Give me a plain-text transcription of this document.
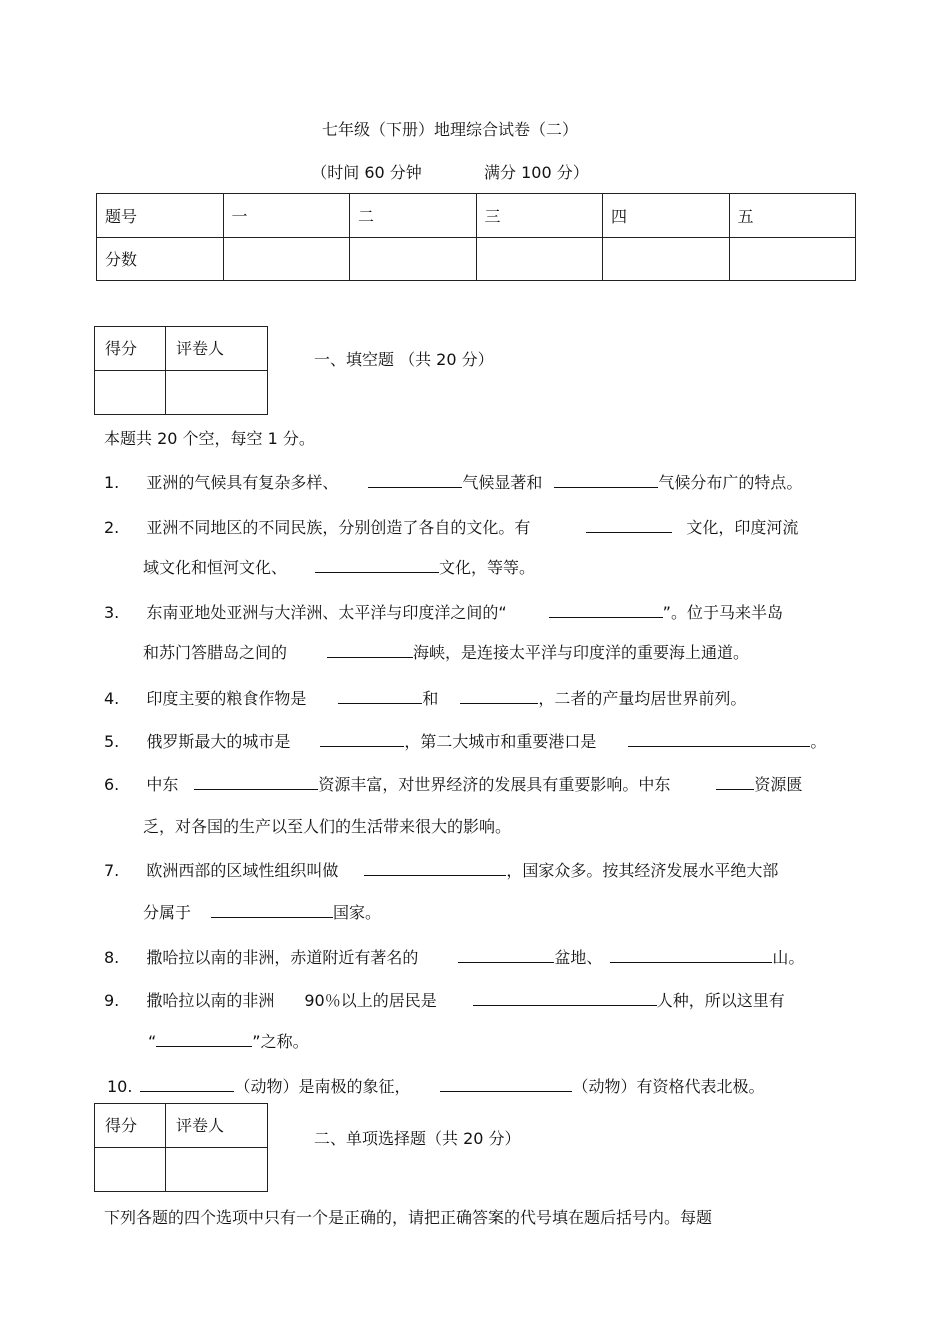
七年级（下册）地理综合试卷（二）
（时间 60 分钟	满分 100 分）
题号	一	二	三	四	五
分数					
得分	评卷人

一、填空题 （共 20 分）
本题共 20 个空，每空 1 分。
1. 亚洲的气候具有复杂多样、	气候显著和	气候分布广的特点。
2. 亚洲不同地区的不同民族，分别创造了各自的文化。有	文化，印度河流
域文化和恒河文化、	文化，等等。
3. 东南亚地处亚洲与大洋洲、太平洋与印度洋之间的“	”。位于马来半岛
和苏门答腊岛之间的	海峡，是连接太平洋与印度洋的重要海上通道。
4. 印度主要的粮食作物是	和	，二者的产量均居世界前列。
5. 俄罗斯最大的城市是	，第二大城市和重要港口是	。
6. 中东	资源丰富，对世界经济的发展具有重要影响。中东	资源匮
乏，对各国的生产以至人们的生活带来很大的影响。
7. 欧洲西部的区域性组织叫做	，国家众多。按其经济发展水平绝大部
分属于	国家。
8. 撒哈拉以南的非洲，赤道附近有著名的	盆地、	山。
9. 撒哈拉以南的非洲 90％以上的居民是	人种，所以这里有
“	”之称。
10.	（动物）是南极的象征，	（动物）有资格代表北极。
得分	评卷人

二、单项选择题（共 20 分）
下列各题的四个选项中只有一个是正确的，请把正确答案的代号填在题后括号内。每题
